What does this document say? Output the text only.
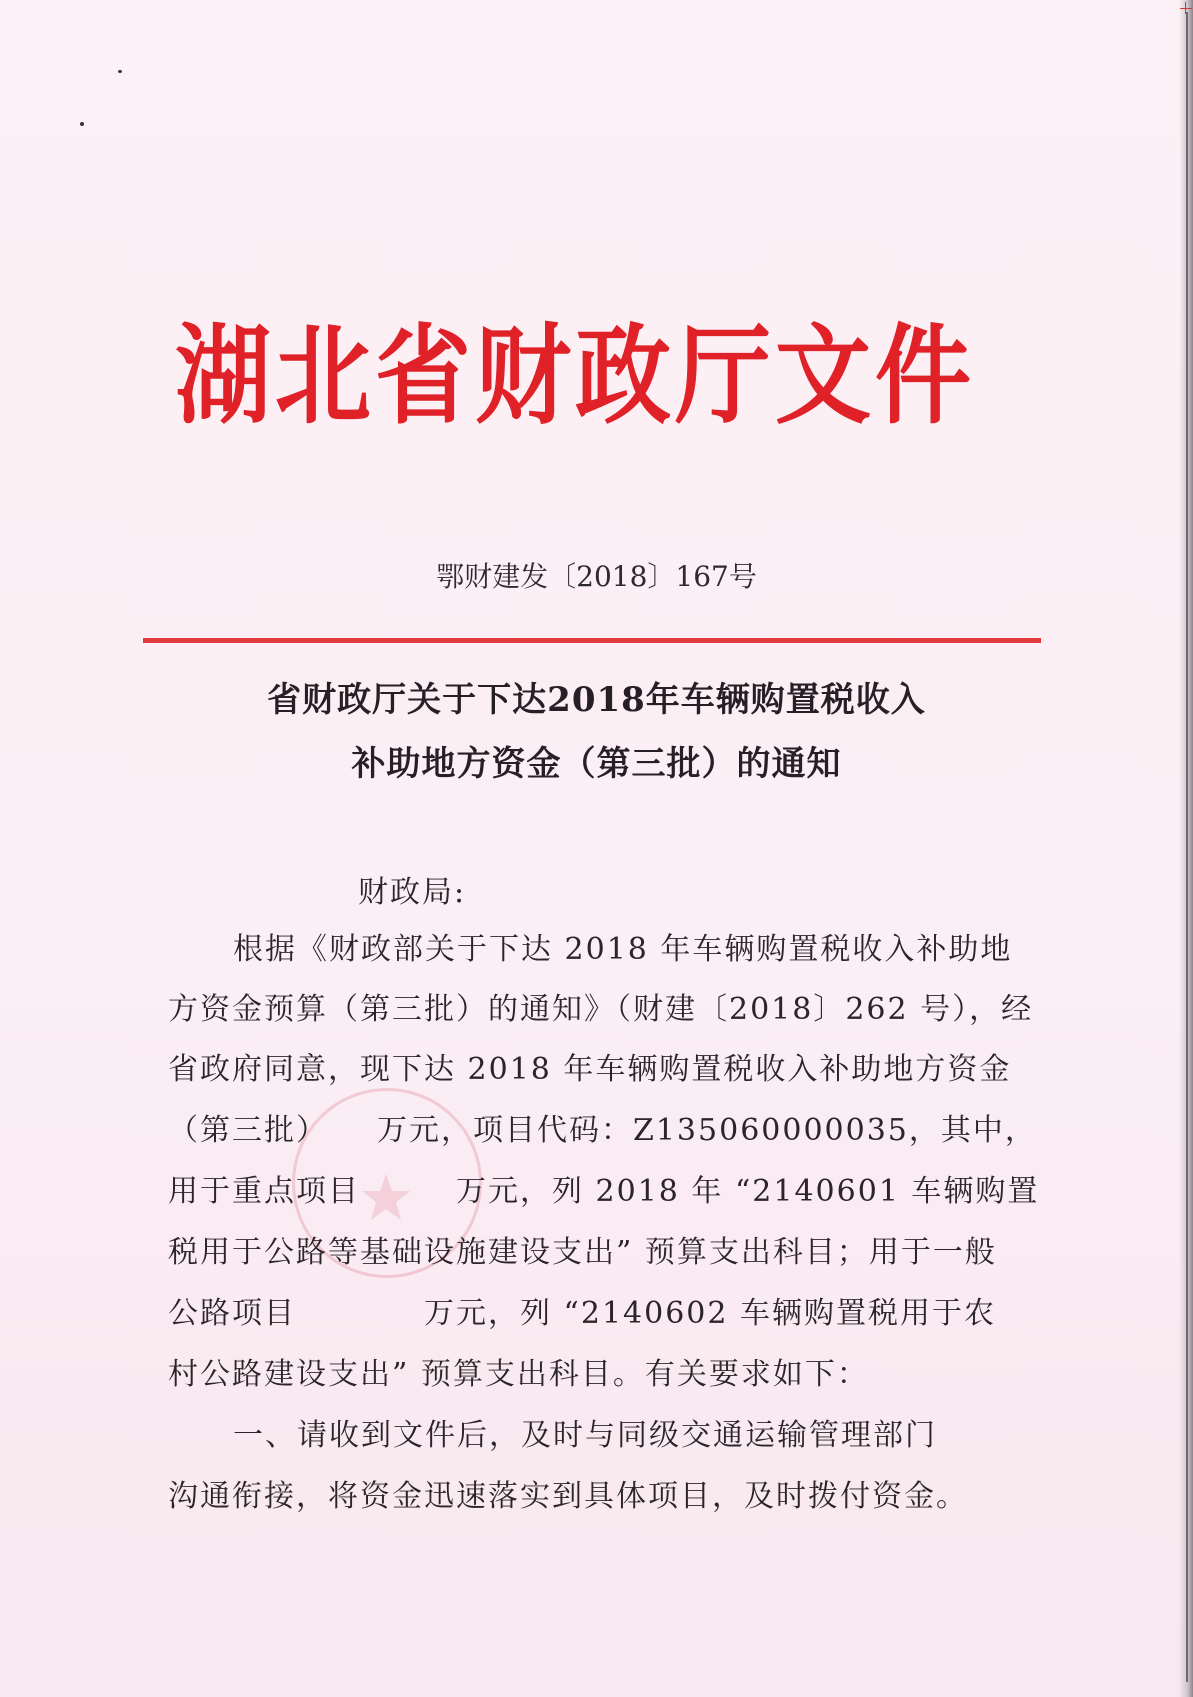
湖北省财政厅文件
鄂财建发〔2018〕167号
省财政厅关于下达2018年车辆购置税收入
补助地方资金（第三批）的通知
财政局:
根据《财政部关于下达 2018 年车辆购置税收入补助地
方资金预算（第三批）的通知》（财建〔2018〕262 号），经
省政府同意，现下达 2018 年车辆购置税收入补助地方资金
（第三批）　　万元，项目代码：Z135060000035，其中，
用于重点项目　　　万元，列 2018 年 “2140601 车辆购置
税用于公路等基础设施建设支出” 预算支出科目；用于一般
公路项目　　　　万元，列 “2140602 车辆购置税用于农
村公路建设支出” 预算支出科目。有关要求如下：
一、请收到文件后，及时与同级交通运输管理部门
沟通衔接，将资金迅速落实到具体项目，及时拨付资金。
